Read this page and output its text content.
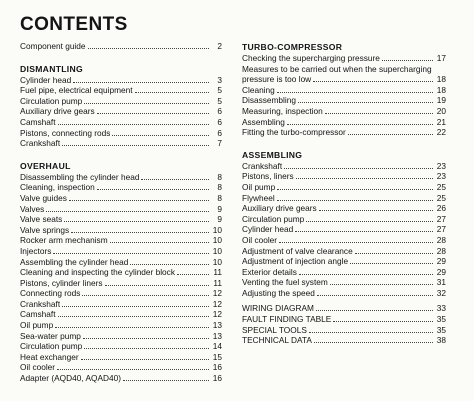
CONTENTS
Component guide	2
DISMANTLING
Cylinder head	3
Fuel pipe, electrical equipment	5
Circulation pump	5
Auxiliary drive gears	6
Camshaft	6
Pistons, connecting rods	6
Crankshaft	7
OVERHAUL
Disassembling the cylinder head	8
Cleaning, inspection	8
Valve guides	8
Valves	9
Valve seats	9
Valve springs	10
Rocker arm mechanism	10
Injectors	10
Assembling the cylinder head	10
Cleaning and inspecting the cylinder block	11
Pistons, cylinder liners	11
Connecting rods	12
Crankshaft	12
Camshaft	12
Oil pump	13
Sea-water pump	13
Circulation pump	14
Heat exchanger	15
Oil cooler	16
Adapter (AQD40, AQAD40)	16
TURBO-COMPRESSOR
Checking the supercharging pressure	17
Measures to be carried out when the supercharging
pressure is too low	18
Cleaning	18
Disassembling	19
Measuring, inspection	20
Assembling	21
Fitting the turbo-compressor	22
ASSEMBLING
Crankshaft	23
Pistons, liners	23
Oil pump	25
Flywheel	25
Auxiliary drive gears	26
Circulation pump	27
Cylinder head	27
Oil cooler	28
Adjustment of valve clearance	28
Adjustment of injection angle	29
Exterior details	29
Venting the fuel system	31
Adjusting the speed	32
WIRING DIAGRAM	33
FAULT FINDING TABLE	35
SPECIAL TOOLS	35
TECHNICAL DATA	38
